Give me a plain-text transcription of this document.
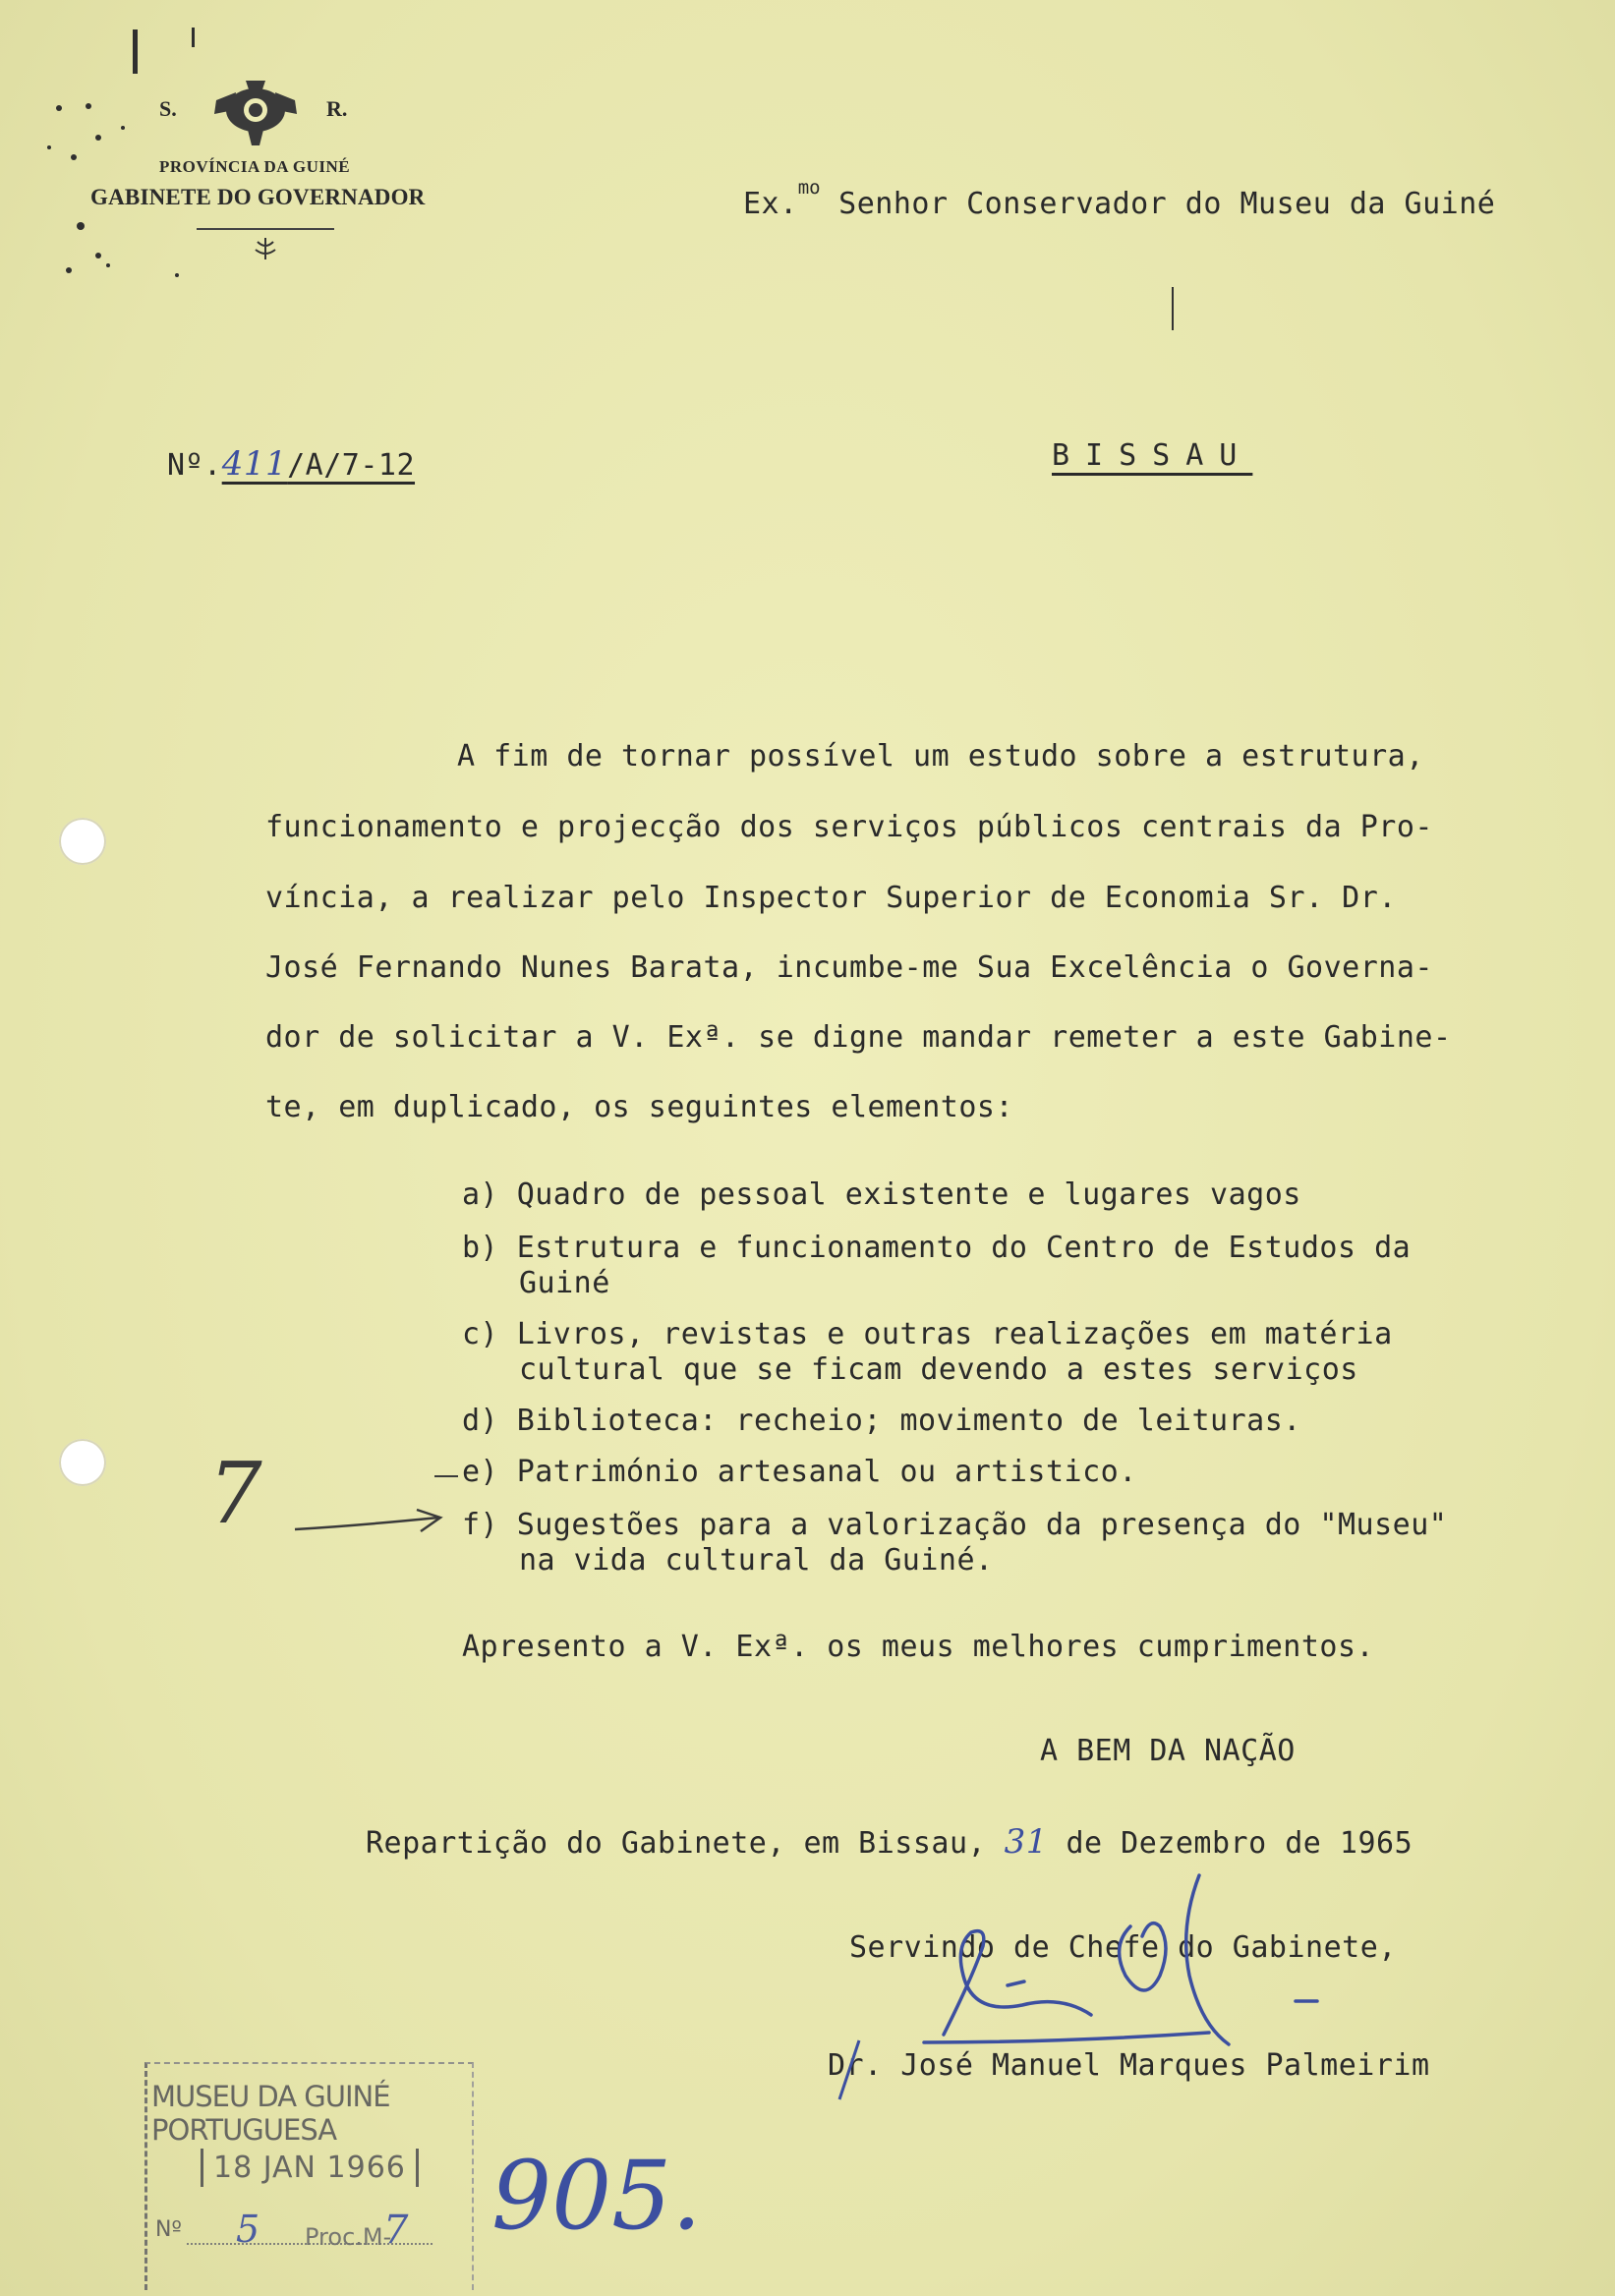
S.	R.
PROVÍNCIA DA GUINÉ
GABINETE DO GOVERNADOR	Ex.$^{mo}$ Senhor Conservador do Museu da Guiné
Nº.411/A/7-12	BISSAU
A fim de tornar possível um estudo sobre a estrutura,
funcionamento e projecção dos serviços públicos centrais da Pro-
víncia, a realizar pelo Inspector Superior de Economia Sr. Dr.
José Fernando Nunes Barata, incumbe-me Sua Excelência o Governa-
dor de solicitar a V. Exª. se digne mandar remeter a este Gabine-
te, em duplicado, os seguintes elementos:
a) Quadro de pessoal existente e lugares vagos
b) Estrutura e funcionamento do Centro de Estudos da
Guiné
c) Livros, revistas e outras realizações em matéria
cultural que se ficam devendo a estes serviços
d) Biblioteca: recheio; movimento de leituras.
e) Património artesanal ou artistico.
f) Sugestões para a valorização da presença do "Museu"
na vida cultural da Guiné.
7
Apresento a V. Exª. os meus melhores cumprimentos.
A BEM DA NAÇÃO
Repartição do Gabinete, em Bissau, 31 de Dezembro de 1965
Servindo de Chefe do Gabinete,
Dr. José Manuel Marques Palmeirim
MUSEU DA GUINÉ PORTUGUESA
18 JAN 1966
Nº 5 Proc.M-
7 905.
